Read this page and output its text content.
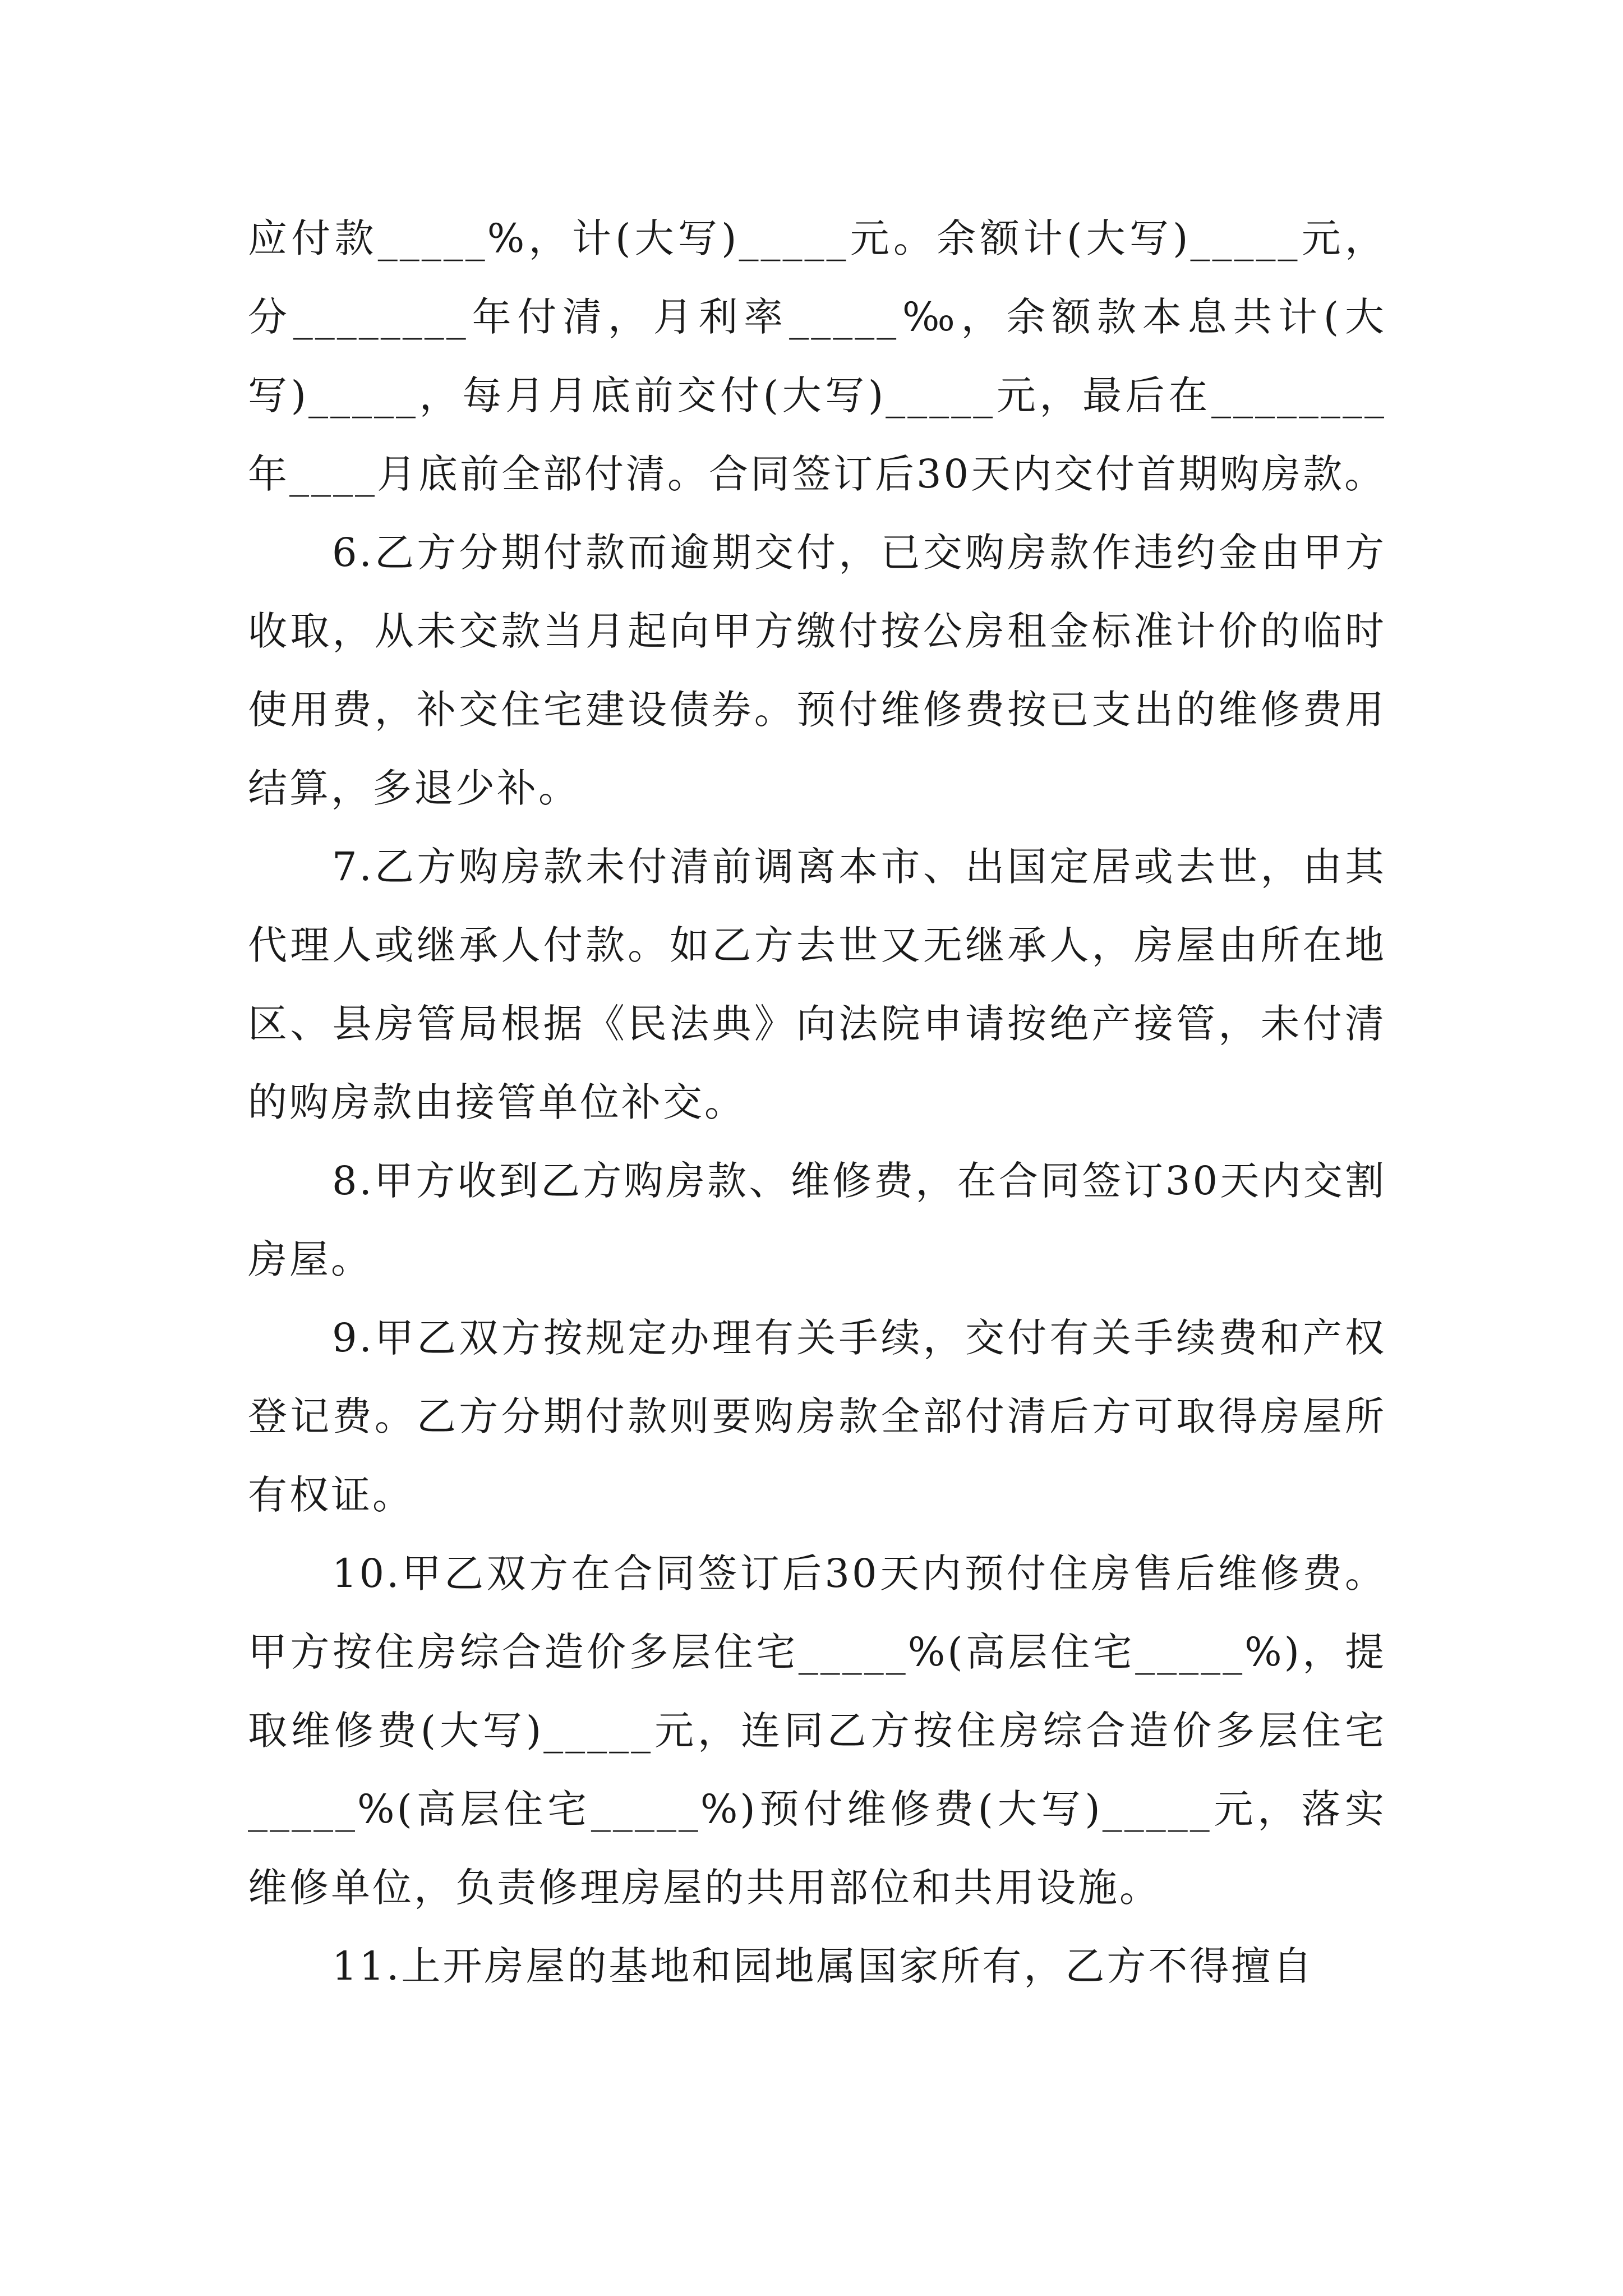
应付款_____%，计(大写)_____元。余额计(大写)_____元，分________年付清，月利率_____‰，余额款本息共计(大写)_____，每月月底前交付(大写)_____元，最后在________年____月底前全部付清。合同签订后30天内交付首期购房款。

6.乙方分期付款而逾期交付，已交购房款作违约金由甲方收取，从未交款当月起向甲方缴付按公房租金标准计价的临时使用费，补交住宅建设债券。预付维修费按已支出的维修费用结算，多退少补。

7.乙方购房款未付清前调离本市、出国定居或去世，由其代理人或继承人付款。如乙方去世又无继承人，房屋由所在地区、县房管局根据《民法典》向法院申请按绝产接管，未付清的购房款由接管单位补交。

8.甲方收到乙方购房款、维修费，在合同签订30天内交割房屋。

9.甲乙双方按规定办理有关手续，交付有关手续费和产权登记费。乙方分期付款则要购房款全部付清后方可取得房屋所有权证。

10.甲乙双方在合同签订后30天内预付住房售后维修费。甲方按住房综合造价多层住宅_____%(高层住宅_____%)，提取维修费(大写)_____元，连同乙方按住房综合造价多层住宅_____%(高层住宅_____%)预付维修费(大写)_____元，落实维修单位，负责修理房屋的共用部位和共用设施。

11.上开房屋的基地和园地属国家所有，乙方不得擅自
